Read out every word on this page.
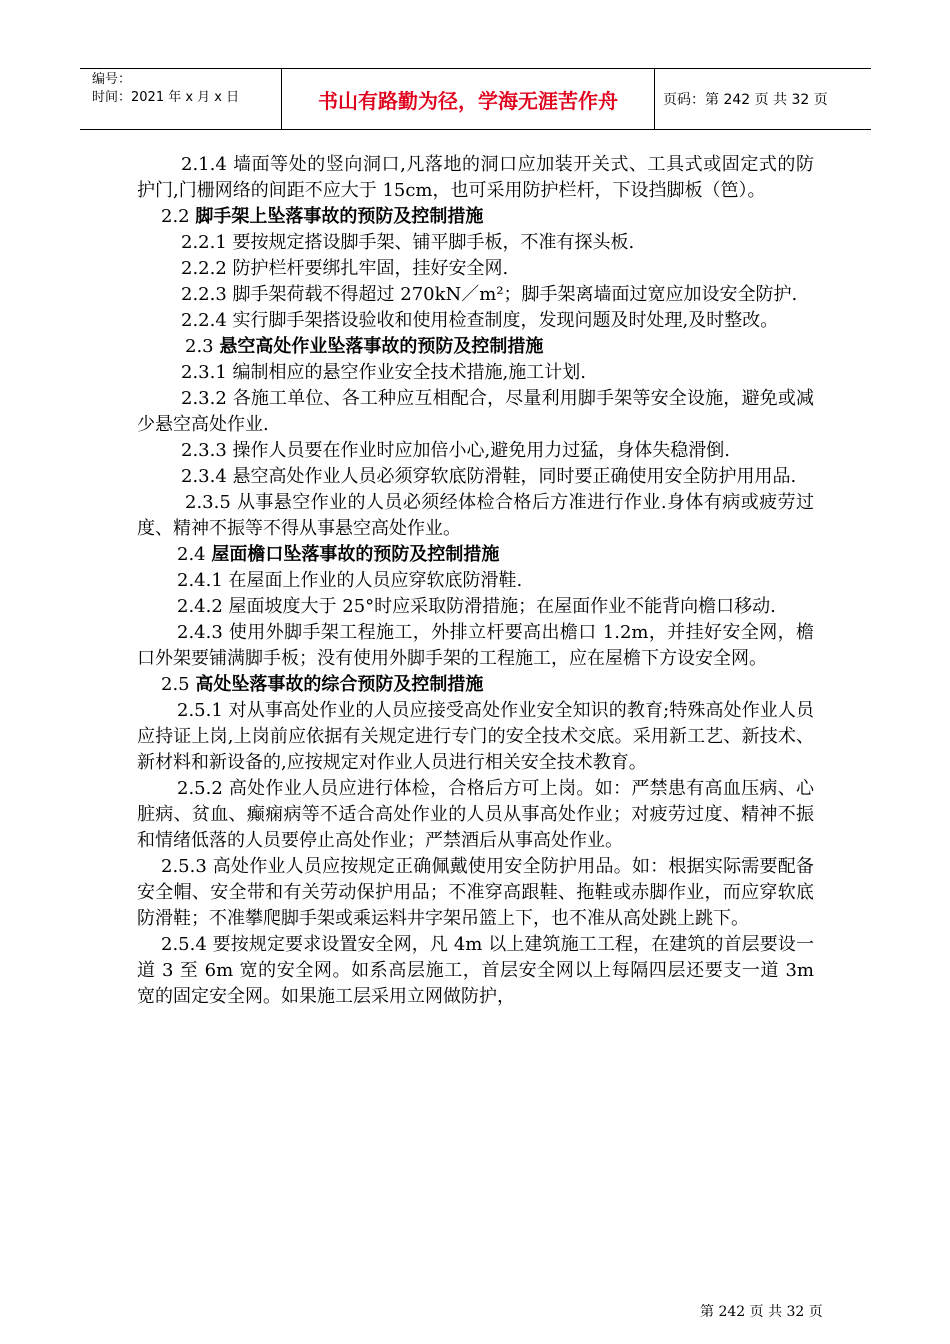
编号：
时间：2021 年 x 月 x 日	书山有路勤为径，学海无涯苦作舟	页码：第 242 页 共 32 页

2.1.4 墙面等处的竖向洞口,凡落地的洞口应加装开关式、工具式或固定式的防护门,门栅网络的间距不应大于 15cm，也可采用防护栏杆，下设挡脚板（笆）。

2.2 脚手架上坠落事故的预防及控制措施

2.2.1 要按规定搭设脚手架、铺平脚手板，不准有探头板.

2.2.2 防护栏杆要绑扎牢固，挂好安全网.

2.2.3 脚手架荷载不得超过 270kN／m²；脚手架离墙面过宽应加设安全防护.

2.2.4 实行脚手架搭设验收和使用检查制度，发现问题及时处理,及时整改。

2.3 悬空高处作业坠落事故的预防及控制措施

2.3.1 编制相应的悬空作业安全技术措施,施工计划.

2.3.2 各施工单位、各工种应互相配合，尽量利用脚手架等安全设施，避免或减少悬空高处作业.

2.3.3 操作人员要在作业时应加倍小心,避免用力过猛，身体失稳滑倒.

2.3.4 悬空高处作业人员必须穿软底防滑鞋，同时要正确使用安全防护用用品.

2.3.5 从事悬空作业的人员必须经体检合格后方准进行作业.身体有病或疲劳过度、精神不振等不得从事悬空高处作业。

2.4 屋面檐口坠落事故的预防及控制措施

2.4.1 在屋面上作业的人员应穿软底防滑鞋.

2.4.2 屋面坡度大于 25°时应采取防滑措施；在屋面作业不能背向檐口移动.

2.4.3 使用外脚手架工程施工，外排立杆要高出檐口 1.2m，并挂好安全网，檐口外架要铺满脚手板；没有使用外脚手架的工程施工，应在屋檐下方设安全网。

2.5 高处坠落事故的综合预防及控制措施

2.5.1 对从事高处作业的人员应接受高处作业安全知识的教育;特殊高处作业人员应持证上岗,上岗前应依据有关规定进行专门的安全技术交底。采用新工艺、新技术、新材料和新设备的,应按规定对作业人员进行相关安全技术教育。

2.5.2 高处作业人员应进行体检，合格后方可上岗。如：严禁患有高血压病、心脏病、贫血、癫痫病等不适合高处作业的人员从事高处作业；对疲劳过度、精神不振和情绪低落的人员要停止高处作业；严禁酒后从事高处作业。

2.5.3 高处作业人员应按规定正确佩戴使用安全防护用品。如：根据实际需要配备安全帽、安全带和有关劳动保护用品；不准穿高跟鞋、拖鞋或赤脚作业，而应穿软底防滑鞋；不准攀爬脚手架或乘运料井字架吊篮上下，也不准从高处跳上跳下。

2.5.4 要按规定要求设置安全网，凡 4m 以上建筑施工工程，在建筑的首层要设一道 3 至 6m 宽的安全网。如系高层施工，首层安全网以上每隔四层还要支一道 3m 宽的固定安全网。如果施工层采用立网做防护，

第 242 页 共 32 页
